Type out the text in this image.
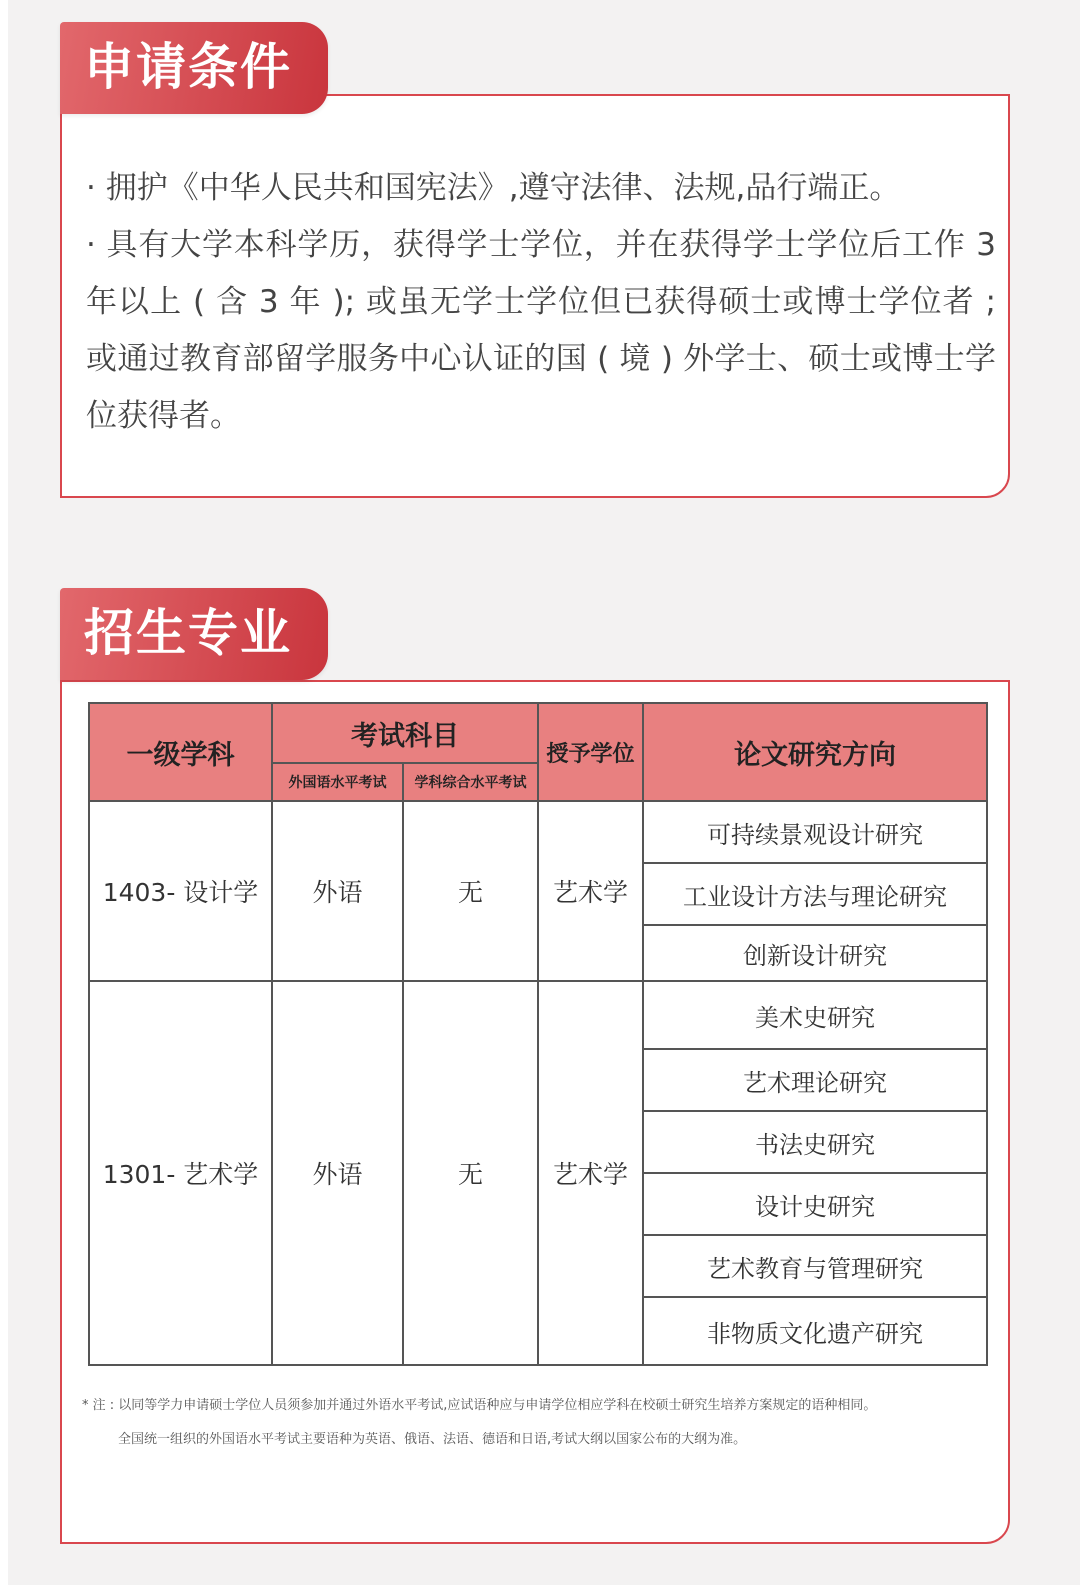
申请条件

· 拥护《中华人民共和国宪法》,遵守法律、法规,品行端正。

· 具有大学本科学历，获得学士学位，并在获得学士学位后工作 3 年以上 ( 含 3 年 ); 或虽无学士学位但已获得硕士或博士学位者 ; 或通过教育部留学服务中心认证的国 ( 境 ) 外学士、硕士或博士学位获得者。

招生专业
一级学科	考试科目		授予学位	论文研究方向
	外国语水平考试	学科综合水平考试		
1403- 设计学	外语	无	艺术学	可持续景观设计研究
				工业设计方法与理论研究
				创新设计研究
1301- 艺术学	外语	无	艺术学	美术史研究
				艺术理论研究
				书法史研究
				设计史研究
				艺术教育与管理研究
				非物质文化遗产研究
* 注 : 以同等学力申请硕士学位人员须参加并通过外语水平考试,应试语种应与申请学位相应学科在校硕士研究生培养方案规定的语种相同。
全国统一组织的外国语水平考试主要语种为英语、俄语、法语、德语和日语,考试大纲以国家公布的大纲为准。
